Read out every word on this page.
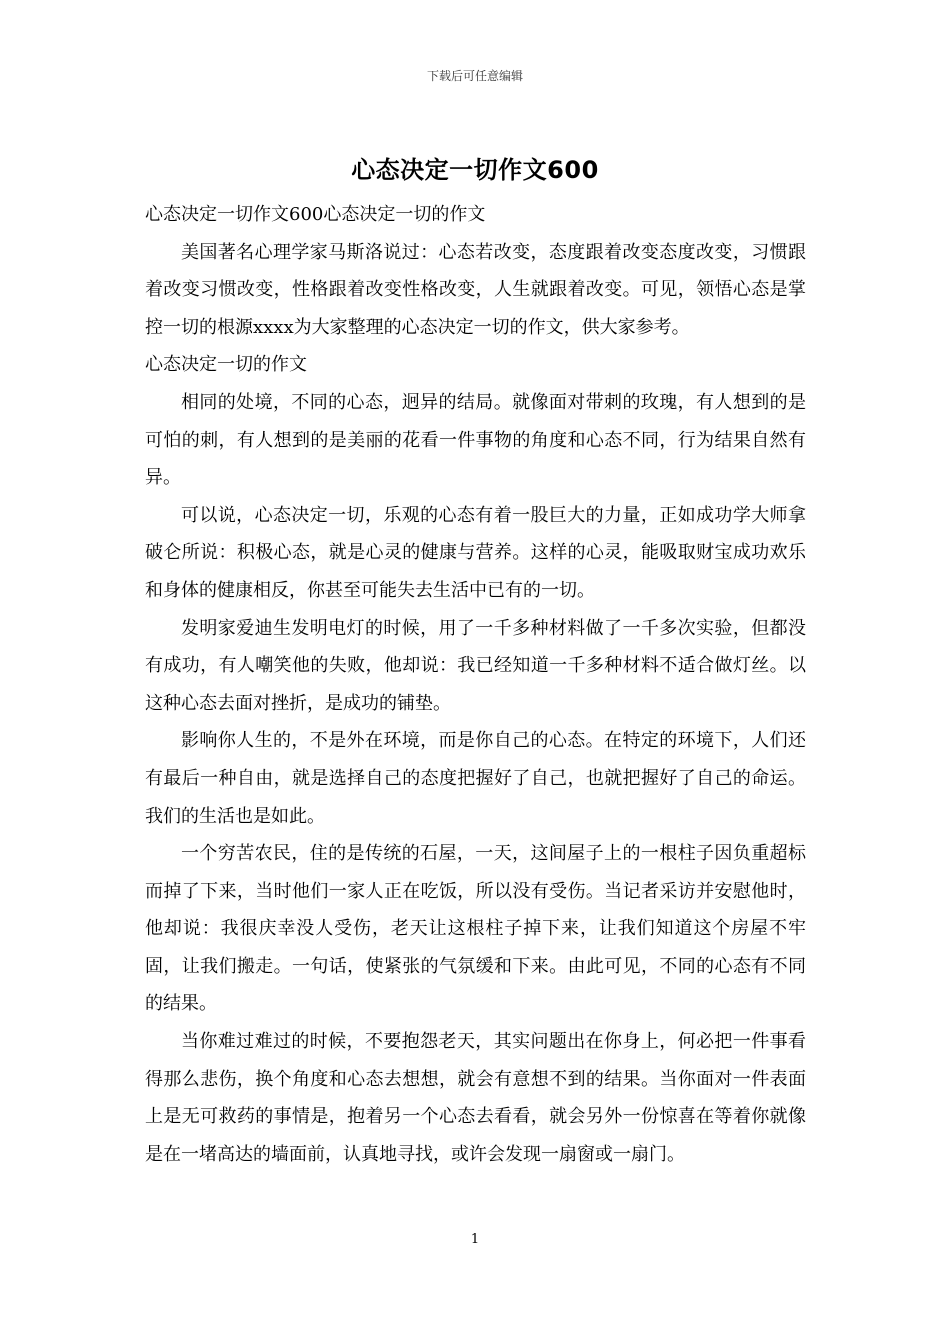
下载后可任意编辑
心态决定一切作文600

心态决定一切作文600心态决定一切的作文

美国著名心理学家马斯洛说过：心态若改变，态度跟着改变态度改变，习惯跟着改变习惯改变，性格跟着改变性格改变，人生就跟着改变。可见，领悟心态是掌控一切的根源xxxx为大家整理的心态决定一切的作文，供大家参考。

心态决定一切的作文

相同的处境，不同的心态，迥异的结局。就像面对带刺的玫瑰，有人想到的是可怕的刺，有人想到的是美丽的花看一件事物的角度和心态不同，行为结果自然有异。

可以说，心态决定一切，乐观的心态有着一股巨大的力量，正如成功学大师拿破仑所说：积极心态，就是心灵的健康与营养。这样的心灵，能吸取财宝成功欢乐和身体的健康相反，你甚至可能失去生活中已有的一切。

发明家爱迪生发明电灯的时候，用了一千多种材料做了一千多次实验，但都没有成功，有人嘲笑他的失败，他却说：我已经知道一千多种材料不适合做灯丝。以这种心态去面对挫折，是成功的铺垫。

影响你人生的，不是外在环境，而是你自己的心态。在特定的环境下，人们还有最后一种自由，就是选择自己的态度把握好了自己，也就把握好了自己的命运。我们的生活也是如此。

一个穷苦农民，住的是传统的石屋，一天，这间屋子上的一根柱子因负重超标而掉了下来，当时他们一家人正在吃饭，所以没有受伤。当记者采访并安慰他时，他却说：我很庆幸没人受伤，老天让这根柱子掉下来，让我们知道这个房屋不牢固，让我们搬走。一句话，使紧张的气氛缓和下来。由此可见，不同的心态有不同的结果。

当你难过难过的时候，不要抱怨老天，其实问题出在你身上，何必把一件事看得那么悲伤，换个角度和心态去想想，就会有意想不到的结果。当你面对一件表面上是无可救药的事情是，抱着另一个心态去看看，就会另外一份惊喜在等着你就像是在一堵高达的墙面前，认真地寻找，或许会发现一扇窗或一扇门。

1
